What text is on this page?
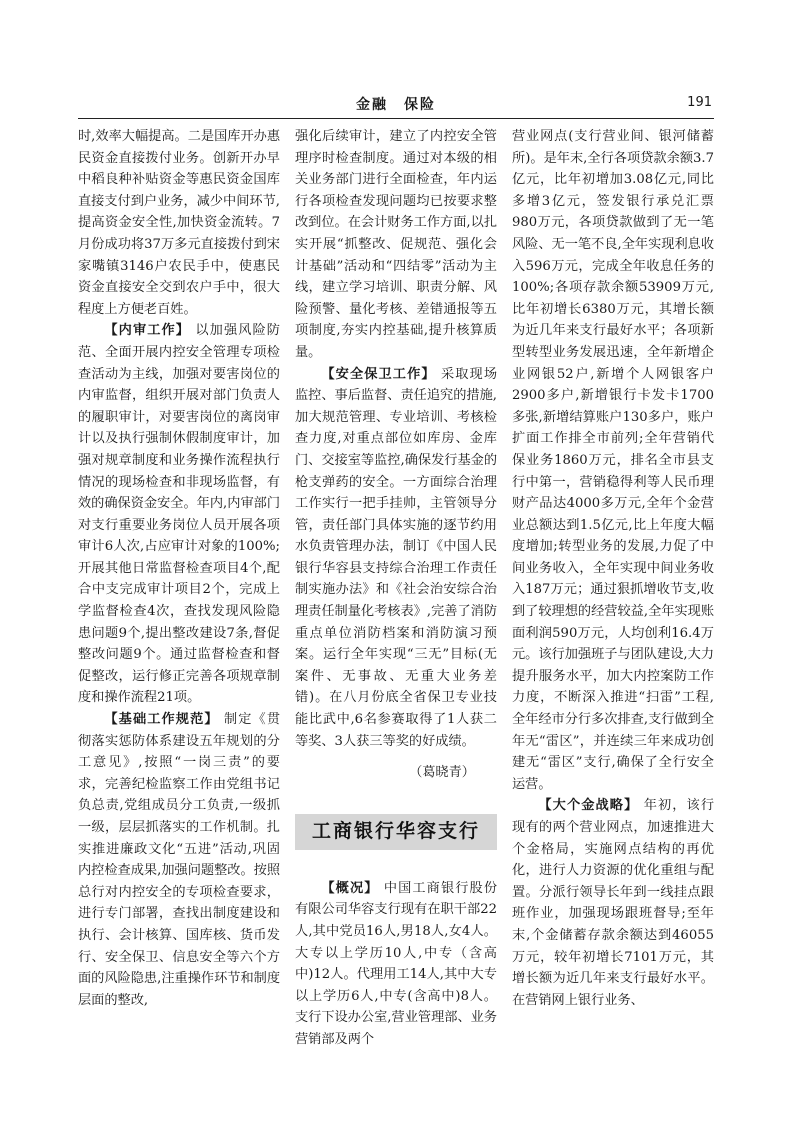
金融　保险	191

时,效率大幅提高。二是国库开办惠民资金直接拨付业务。创新开办早中稻良种补贴资金等惠民资金国库直接支付到户业务，减少中间环节,提高资金安全性,加快资金流转。7月份成功将37万多元直接拨付到宋家嘴镇3146户农民手中，使惠民资金直接安全交到农户手中，很大程度上方便老百姓。

【内审工作】 以加强风险防范、全面开展内控安全管理专项检查活动为主线，加强对要害岗位的内审监督，组织开展对部门负责人的履职审计，对要害岗位的离岗审计以及执行强制休假制度审计，加强对规章制度和业务操作流程执行情况的现场检查和非现场监督，有效的确保资金安全。年内,内审部门对支行重要业务岗位人员开展各项审计6人次,占应审计对象的100%;开展其他日常监督检查项目4个,配合中支完成审计项目2个，完成上学监督检查4次，查找发现风险隐患问题9个,提出整改建设7条,督促整改问题9个。通过监督检查和督促整改，运行修正完善各项规章制度和操作流程21项。

【基础工作规范】 制定《贯彻落实惩防体系建设五年规划的分工意见》,按照“一岗三责”的要求，完善纪检监察工作由党组书记负总责,党组成员分工负责,一级抓一级，层层抓落实的工作机制。扎实推进廉政文化“五进”活动,巩固内控检查成果,加强问题整改。按照总行对内控安全的专项检查要求，进行专门部署，查找出制度建设和执行、会计核算、国库核、货币发行、安全保卫、信息安全等六个方面的风险隐患,注重操作环节和制度层面的整改,

强化后续审计，建立了内控安全管理序时检查制度。通过对本级的相关业务部门进行全面检查，年内运行各项检查发现问题均已按要求整改到位。在会计财务工作方面,以扎实开展“抓整改、促规范、强化会计基础”活动和“四结零”活动为主线，建立学习培训、职责分解、风险预警、量化考核、差错通报等五项制度,夯实内控基础,提升核算质量。

【安全保卫工作】 采取现场监控、事后监督、责任追究的措施,加大规范管理、专业培训、考核检查力度,对重点部位如库房、金库门、交接室等监控,确保发行基金的枪支弹药的安全。一方面综合治理工作实行一把手挂帅，主管领导分管，责任部门具体实施的逐节约用水负责管理办法，制订《中国人民银行华容县支持综合治理工作责任制实施办法》和《社会治安综合治理责任制量化考核表》,完善了消防重点单位消防档案和消防演习预案。运行全年实现“三无”目标(无案件、无事故、无重大业务差错)。在八月份底全省保卫专业技能比武中,6名参赛取得了1人获二等奖、3人获三等奖的好成绩。

（葛晓青）

工商银行华容支行

【概况】 中国工商银行股份有限公司华容支行现有在职干部22人,其中党员16人,男18人,女4人。大专以上学历10人,中专（含高中)12人。代理用工14人,其中大专以上学历6人,中专(含高中)8人。支行下设办公室,营业管理部、业务营销部及两个

营业网点(支行营业间、银河储蓄所)。是年末,全行各项贷款余额3.7亿元，比年初增加3.08亿元,同比多增3亿元，签发银行承兑汇票980万元，各项贷款做到了无一笔风险、无一笔不良,全年实现利息收入596万元，完成全年收息任务的100%;各项存款余额53909万元,比年初增长6380万元，其增长额为近几年来支行最好水平；各项新型转型业务发展迅速，全年新增企业网银52户,新增个人网银客户2900多户,新增银行卡发卡1700多张,新增结算账户130多户，账户扩面工作排全市前列;全年营销代保业务1860万元，排名全市县支行中第一，营销稳得利等人民币理财产品达4000多万元,全年个金营业总额达到1.5亿元,比上年度大幅度增加;转型业务的发展,力促了中间业务收入，全年实现中间业务收入187万元；通过狠抓增收节支,收到了较理想的经营较益,全年实现账面利润590万元，人均创利16.4万元。该行加强班子与团队建设,大力提升服务水平，加大内控案防工作力度，不断深入推进“扫雷”工程,全年经市分行多次排查,支行做到全年无“雷区”，并连续三年来成功创建无“雷区”支行,确保了全行安全运营。

【大个金战略】 年初，该行现有的两个营业网点，加速推进大个金格局，实施网点结构的再优化，进行人力资源的优化重组与配置。分派行领导长年到一线挂点跟班作业，加强现场跟班督导;至年末,个金储蓄存款余额达到46055万元，较年初增长7101万元，其增长额为近几年来支行最好水平。在营销网上银行业务、
